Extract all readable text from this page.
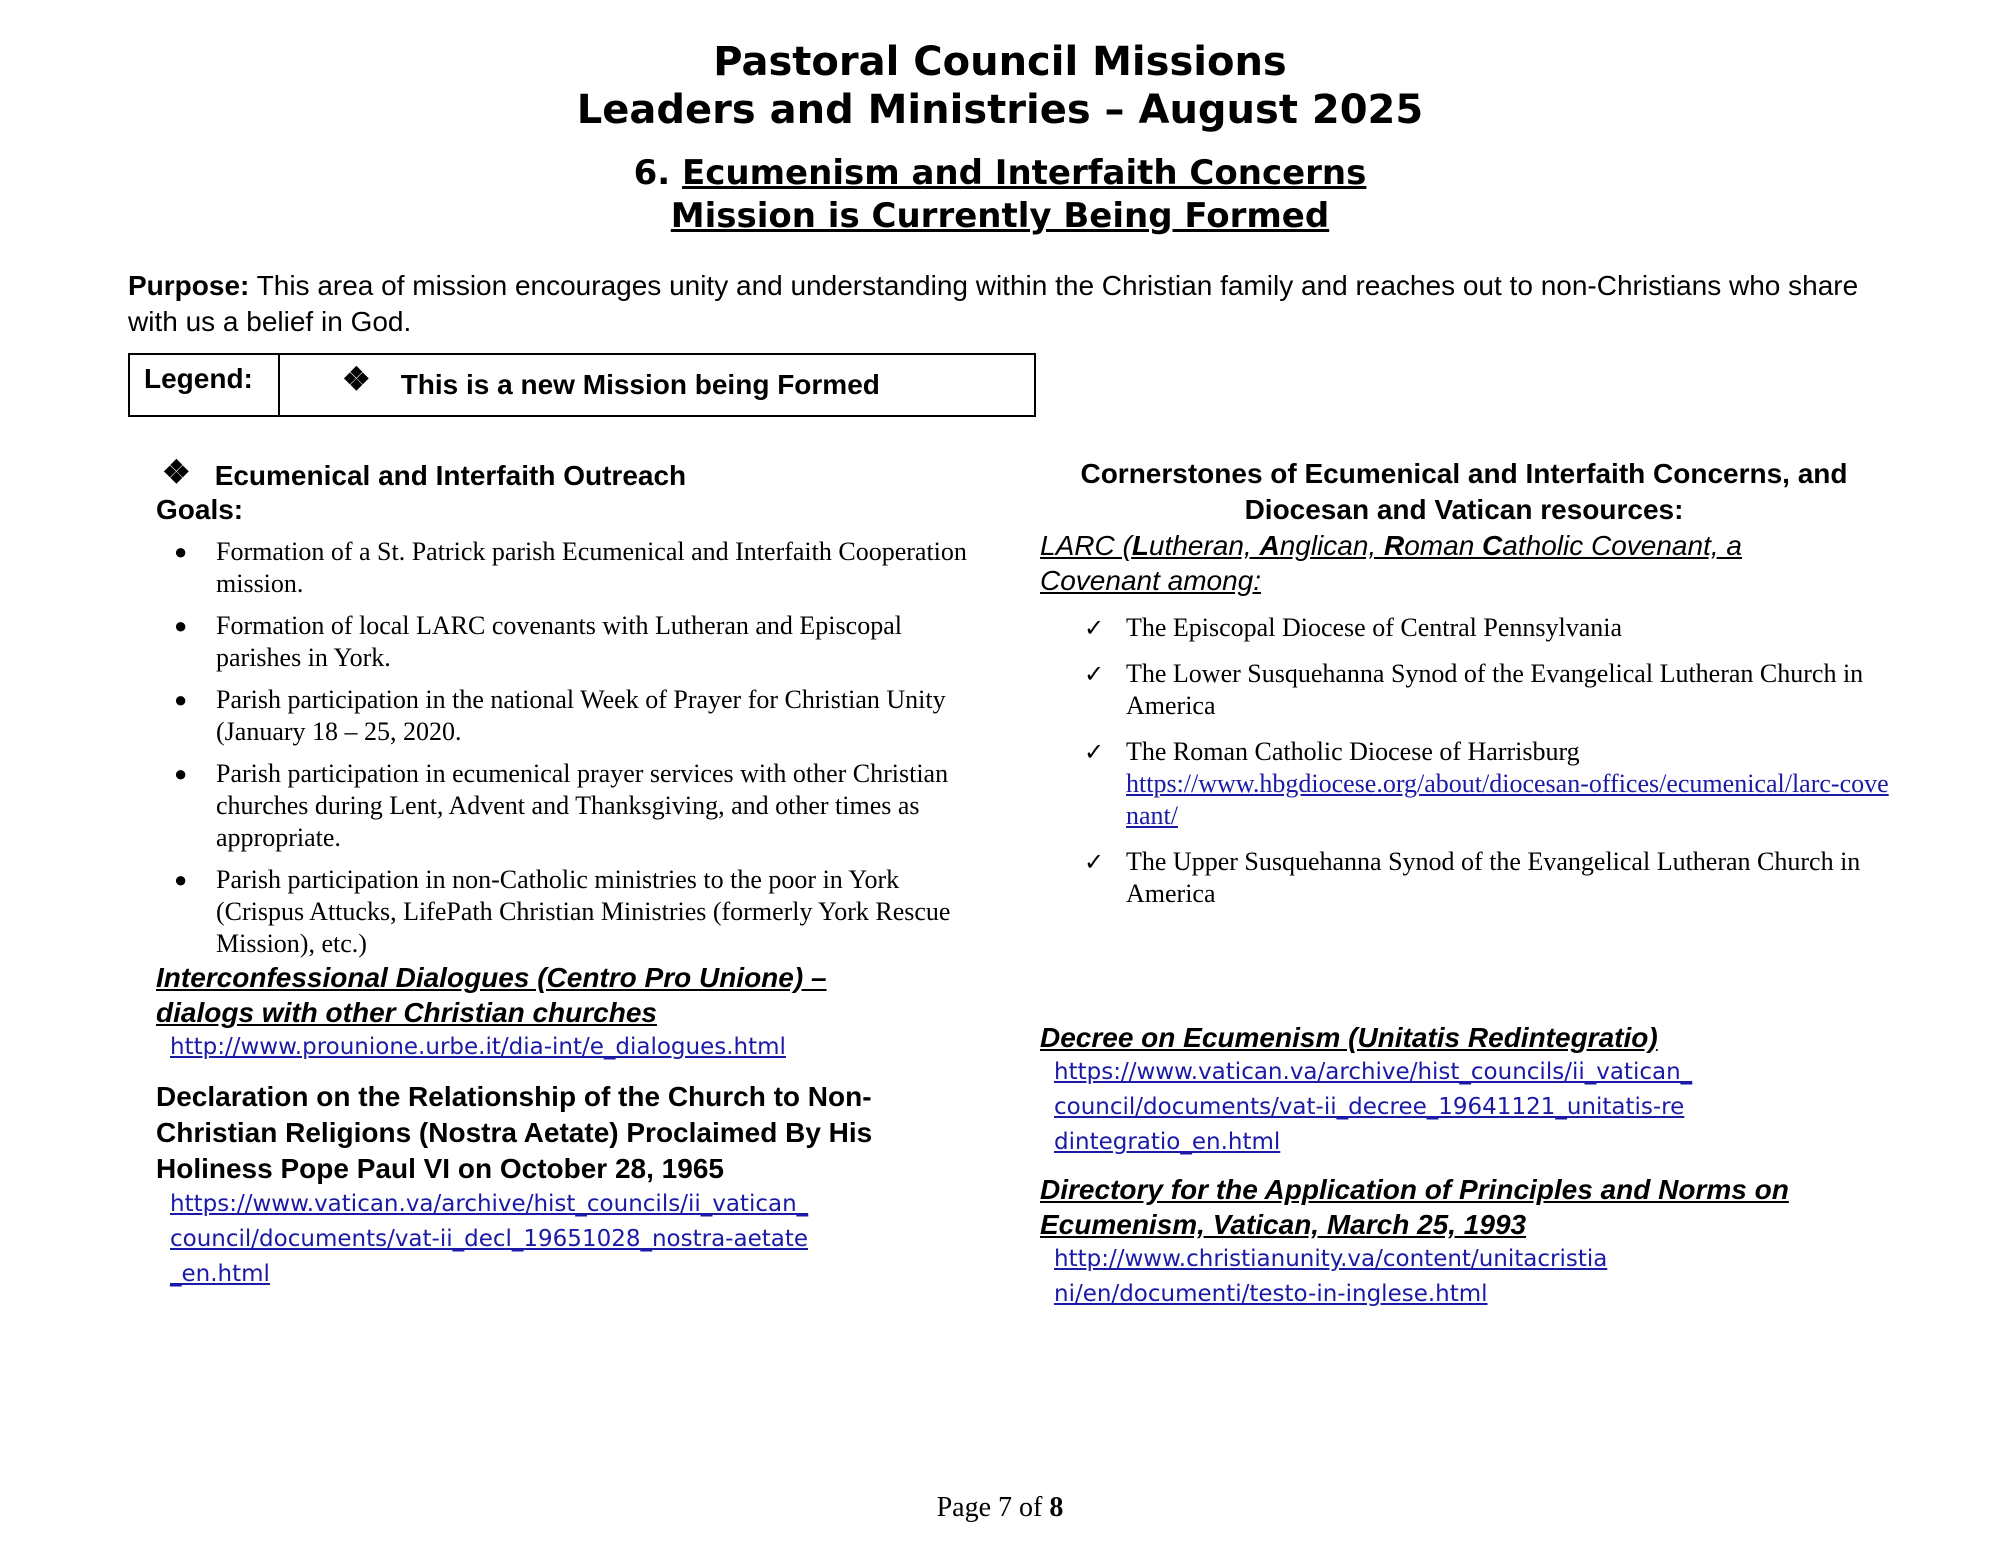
Pastoral Council Missions
Leaders and Ministries – August 2025
6. Ecumenism and Interfaith Concerns
Mission is Currently Being Formed
Purpose: This area of mission encourages unity and understanding within the Christian family and reaches out to non-Christians who share with us a belief in God.
Legend:	❖ This is a new Mission being Formed
❖ Ecumenical and Interfaith Outreach
Goals:
● Formation of a St. Patrick parish Ecumenical and Interfaith Cooperation mission.
● Formation of local LARC covenants with Lutheran and Episcopal parishes in York.
● Parish participation in the national Week of Prayer for Christian Unity (January 18 – 25, 2020.
● Parish participation in ecumenical prayer services with other Christian churches during Lent, Advent and Thanksgiving, and other times as appropriate.
● Parish participation in non-Catholic ministries to the poor in York (Crispus Attucks, LifePath Christian Ministries (formerly York Rescue Mission), etc.)
Interconfessional Dialogues (Centro Pro Unione) – dialogs with other Christian churches
http://www.prounione.urbe.it/dia-int/e_dialogues.html
Declaration on the Relationship of the Church to Non-Christian Religions (Nostra Aetate) Proclaimed By His Holiness Pope Paul VI on October 28, 1965
https://www.vatican.va/archive/hist_councils/ii_vatican_council/documents/vat-ii_decl_19651028_nostra-aetate_en.html
Cornerstones of Ecumenical and Interfaith Concerns, and Diocesan and Vatican resources:
LARC (Lutheran, Anglican, Roman Catholic Covenant, a Covenant among:
✓ The Episcopal Diocese of Central Pennsylvania
✓ The Lower Susquehanna Synod of the Evangelical Lutheran Church in America
✓ The Roman Catholic Diocese of Harrisburg
https://www.hbgdiocese.org/about/diocesan-offices/ecumenical/larc-covenant/
✓ The Upper Susquehanna Synod of the Evangelical Lutheran Church in America
Decree on Ecumenism (Unitatis Redintegratio)
https://www.vatican.va/archive/hist_councils/ii_vatican_council/documents/vat-ii_decree_19641121_unitatis-redintegratio_en.html
Directory for the Application of Principles and Norms on Ecumenism, Vatican, March 25, 1993
http://www.christianunity.va/content/unitacristiani/en/documenti/testo-in-inglese.html
Page 7 of 8
